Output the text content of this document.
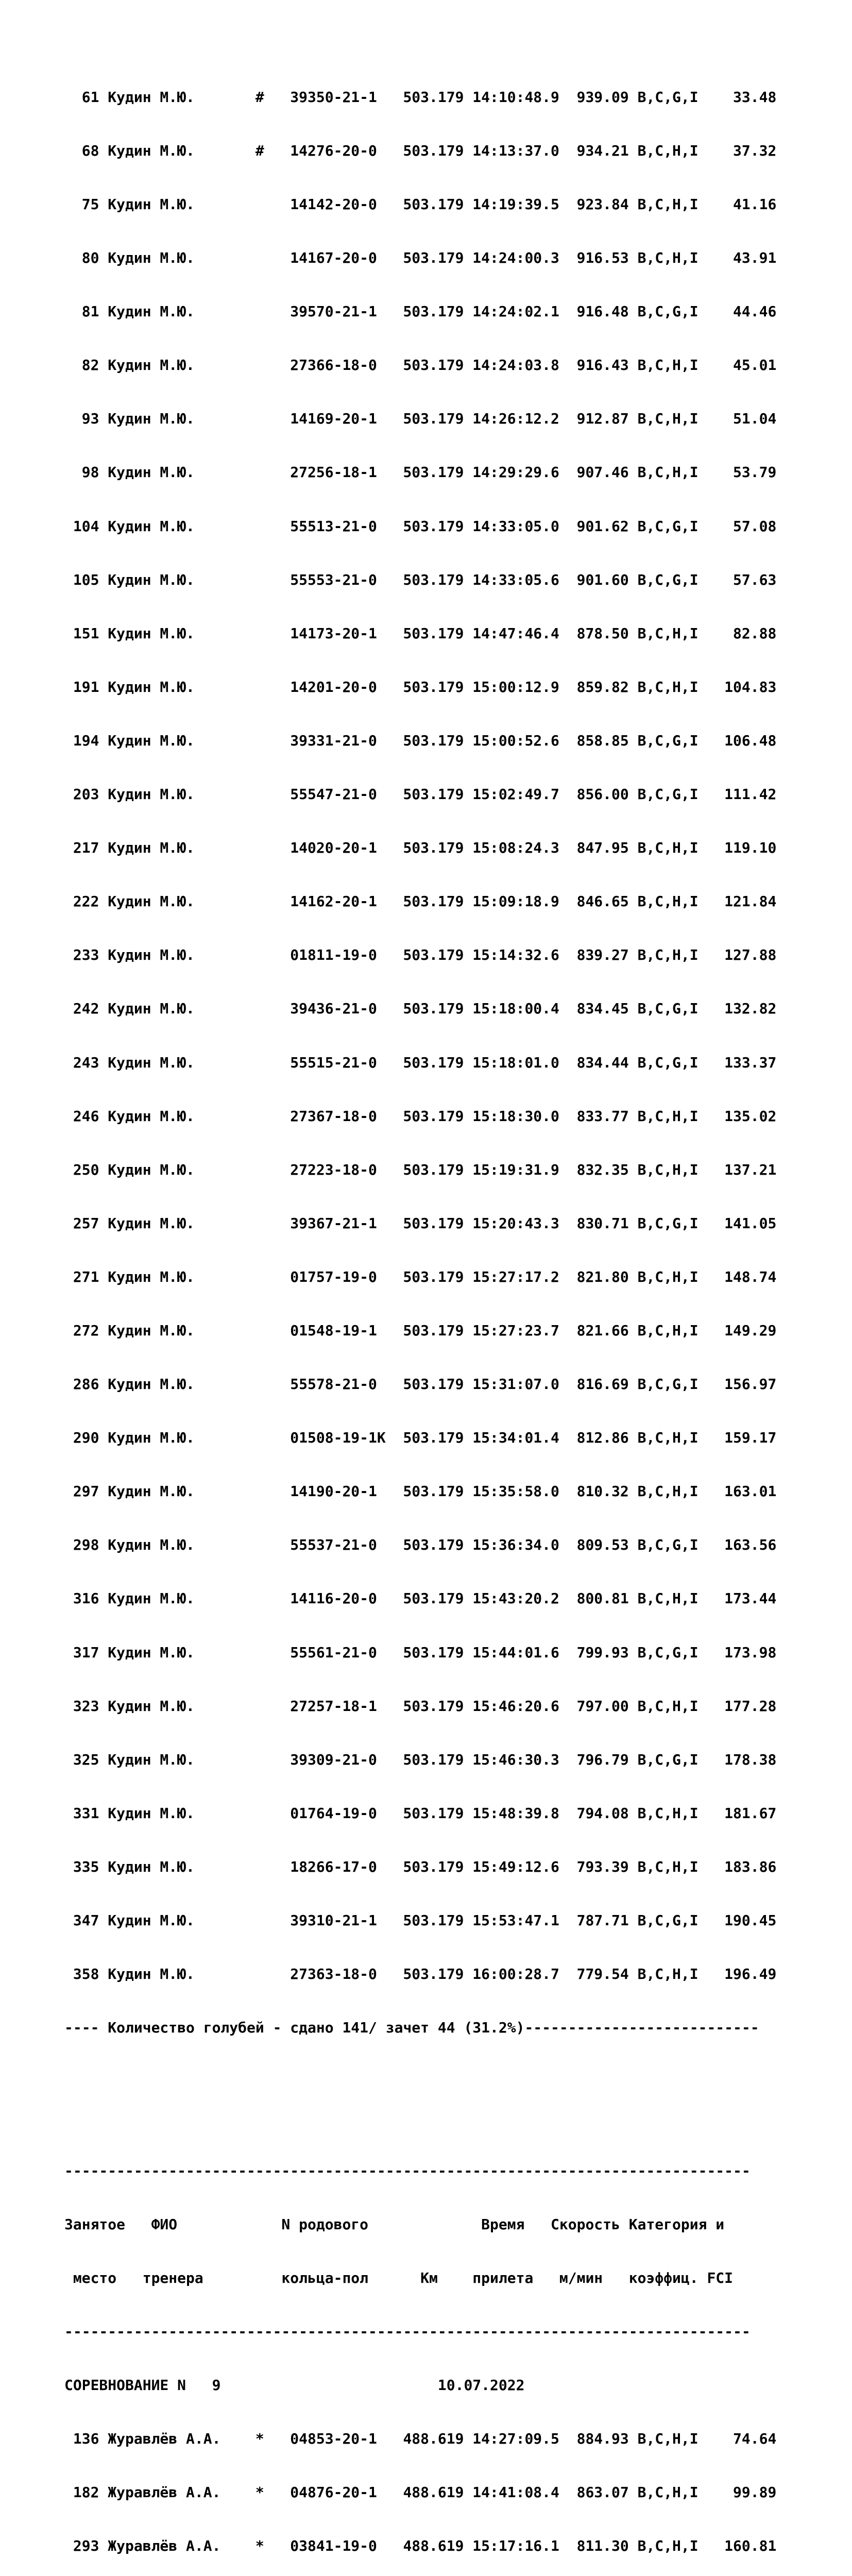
61 Кудин М.Ю.       #   39350-21-1   503.179 14:10:48.9  939.09 B,C,G,I    33.48

68 Кудин М.Ю.       #   14276-20-0   503.179 14:13:37.0  934.21 B,C,H,I    37.32

75 Кудин М.Ю.           14142-20-0   503.179 14:19:39.5  923.84 B,C,H,I    41.16

80 Кудин М.Ю.           14167-20-0   503.179 14:24:00.3  916.53 B,C,H,I    43.91

81 Кудин М.Ю.           39570-21-1   503.179 14:24:02.1  916.48 B,C,G,I    44.46

82 Кудин М.Ю.           27366-18-0   503.179 14:24:03.8  916.43 B,C,H,I    45.01

93 Кудин М.Ю.           14169-20-1   503.179 14:26:12.2  912.87 B,C,H,I    51.04

98 Кудин М.Ю.           27256-18-1   503.179 14:29:29.6  907.46 B,C,H,I    53.79

104 Кудин М.Ю.           55513-21-0   503.179 14:33:05.0  901.62 B,C,G,I    57.08

105 Кудин М.Ю.           55553-21-0   503.179 14:33:05.6  901.60 B,C,G,I    57.63

151 Кудин М.Ю.           14173-20-1   503.179 14:47:46.4  878.50 B,C,H,I    82.88

191 Кудин М.Ю.           14201-20-0   503.179 15:00:12.9  859.82 B,C,H,I   104.83

194 Кудин М.Ю.           39331-21-0   503.179 15:00:52.6  858.85 B,C,G,I   106.48

203 Кудин М.Ю.           55547-21-0   503.179 15:02:49.7  856.00 B,C,G,I   111.42

217 Кудин М.Ю.           14020-20-1   503.179 15:08:24.3  847.95 B,C,H,I   119.10

222 Кудин М.Ю.           14162-20-1   503.179 15:09:18.9  846.65 B,C,H,I   121.84

233 Кудин М.Ю.           01811-19-0   503.179 15:14:32.6  839.27 B,C,H,I   127.88

242 Кудин М.Ю.           39436-21-0   503.179 15:18:00.4  834.45 B,C,G,I   132.82

243 Кудин М.Ю.           55515-21-0   503.179 15:18:01.0  834.44 B,C,G,I   133.37

246 Кудин М.Ю.           27367-18-0   503.179 15:18:30.0  833.77 B,C,H,I   135.02

250 Кудин М.Ю.           27223-18-0   503.179 15:19:31.9  832.35 B,C,H,I   137.21

257 Кудин М.Ю.           39367-21-1   503.179 15:20:43.3  830.71 B,C,G,I   141.05

271 Кудин М.Ю.           01757-19-0   503.179 15:27:17.2  821.80 B,C,H,I   148.74

272 Кудин М.Ю.           01548-19-1   503.179 15:27:23.7  821.66 B,C,H,I   149.29

286 Кудин М.Ю.           55578-21-0   503.179 15:31:07.0  816.69 B,C,G,I   156.97

290 Кудин М.Ю.           01508-19-1K  503.179 15:34:01.4  812.86 B,C,H,I   159.17

297 Кудин М.Ю.           14190-20-1   503.179 15:35:58.0  810.32 B,C,H,I   163.01

298 Кудин М.Ю.           55537-21-0   503.179 15:36:34.0  809.53 B,C,G,I   163.56

316 Кудин М.Ю.           14116-20-0   503.179 15:43:20.2  800.81 B,C,H,I   173.44

317 Кудин М.Ю.           55561-21-0   503.179 15:44:01.6  799.93 B,C,G,I   173.98

323 Кудин М.Ю.           27257-18-1   503.179 15:46:20.6  797.00 B,C,H,I   177.28

325 Кудин М.Ю.           39309-21-0   503.179 15:46:30.3  796.79 B,C,G,I   178.38

331 Кудин М.Ю.           01764-19-0   503.179 15:48:39.8  794.08 B,C,H,I   181.67

335 Кудин М.Ю.           18266-17-0   503.179 15:49:12.6  793.39 B,C,H,I   183.86

347 Кудин М.Ю.           39310-21-1   503.179 15:53:47.1  787.71 B,C,G,I   190.45

358 Кудин М.Ю.           27363-18-0   503.179 16:00:28.7  779.54 B,C,H,I   196.49

---- Количество голубей - сдано 141/ зачет 44 (31.2%)---------------------------

-------------------------------------------------------------------------------

Занятое   ФИО            N родового             Время   Скорость Категория и

место   тренера         кольца-пол      Км    прилета   м/мин   коэффиц. FCI

-------------------------------------------------------------------------------

СОРЕВНОВАНИЕ N   9                         10.07.2022

136 Журавлёв А.А.    *   04853-20-1   488.619 14:27:09.5  884.93 B,C,H,I    74.64

182 Журавлёв А.А.    *   04876-20-1   488.619 14:41:08.4  863.07 B,C,H,I    99.89

293 Журавлёв А.А.    *   03841-19-0   488.619 15:17:16.1  811.30 B,C,H,I   160.81
